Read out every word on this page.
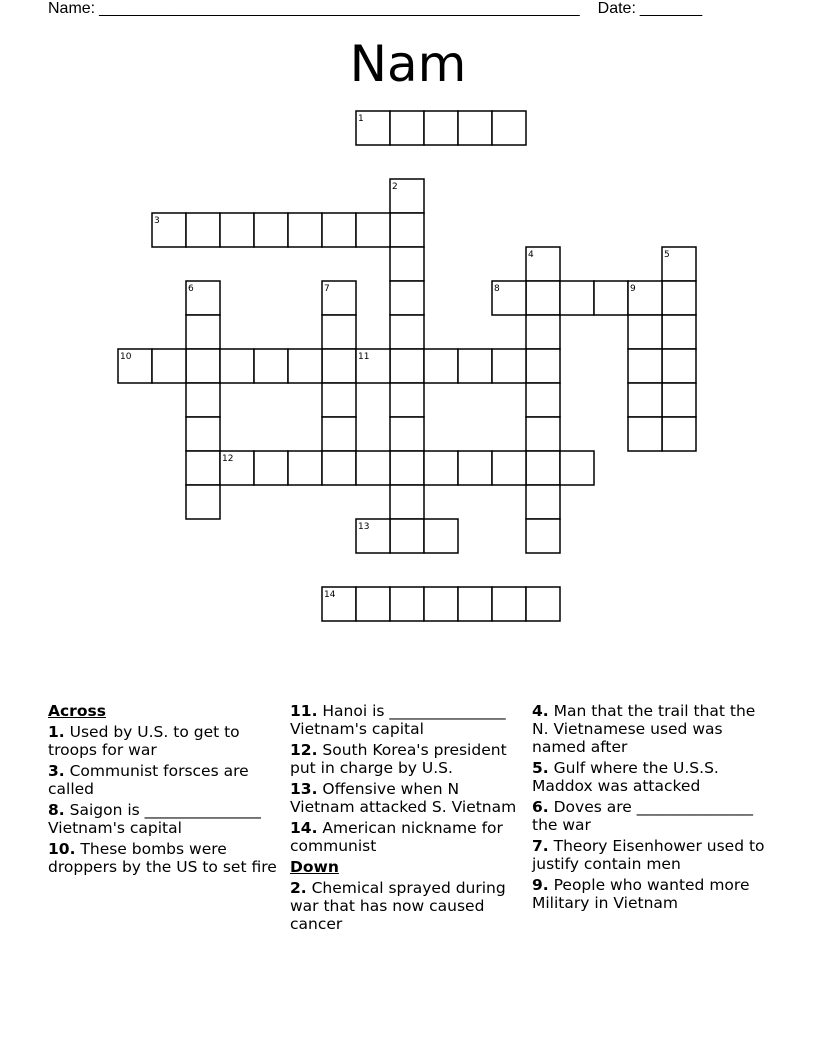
Name: ______________________________________________________ Date: _______
Nam
1
2
3
4	5
6	7	8	9
10	11
12
13
14
Across
1. Used by U.S. to get to troops for war
3. Communist forsces are called
8. Saigon is _______________ Vietnam's capital
10. These bombs were droppers by the US to set fire
11. Hanoi is _______________ Vietnam's capital
12. South Korea's president put in charge by U.S.
13. Offensive when N Vietnam attacked S. Vietnam
14. American nickname for communist
Down
2. Chemical sprayed during war that has now caused cancer
4. Man that the trail that the N. Vietnamese used was named after
5. Gulf where the U.S.S. Maddox was attacked
6. Doves are _______________ the war
7. Theory Eisenhower used to justify contain men
9. People who wanted more Military in Vietnam
